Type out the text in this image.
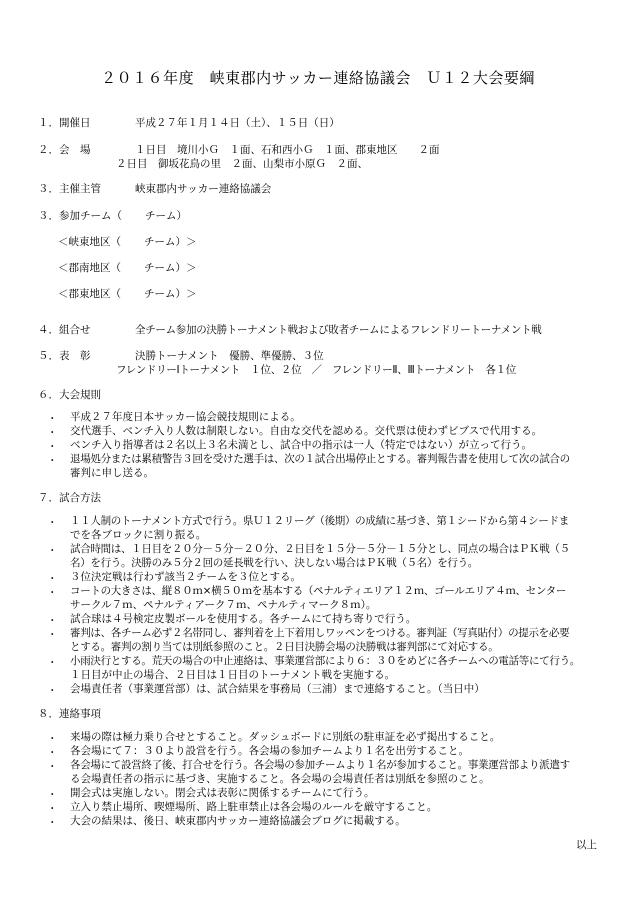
２０１６年度　峡東郡内サッカー連絡協議会　Ｕ１２大会要綱
１．開催日	平成２７年１月１４日（土）、１５日（日）
２．会　場	１日目　境川小Ｇ　１面、石和西小Ｇ　１面、郡東地区　　２面
２日目　御坂花鳥の里　２面、山梨市小原Ｇ　２面、
３．主催主管	峡東郡内サッカー連絡協議会
３．参加チーム（ チーム）
＜峡東地区（ チーム）＞
＜郡南地区（ チーム）＞
＜郡東地区（ チーム）＞
４．組合せ	全チーム参加の決勝トーナメント戦および敗者チームによるフレンドリートーナメント戦
５．表　彰	決勝トーナメント　優勝、準優勝、３位
フレンドリーⅠトーナメント　１位、２位　／　フレンドリーⅡ、Ⅲトーナメント　各１位
６．大会規則
・ 平成２７年度日本サッカー協会競技規則による。
・ 交代選手、ベンチ入り人数は制限しない。自由な交代を認める。交代票は使わずビブスで代用する。
・ ベンチ入り指導者は２名以上３名未満とし、試合中の指示は一人（特定ではない）が立って行う。
・ 退場処分または累積警告３回を受けた選手は、次の１試合出場停止とする。審判報告書を使用して次の試合の
審判に申し送る。
７．試合方法
・ １１人制のトーナメント方式で行う。県Ｕ１２リーグ（後期）の成績に基づき、第１シードから第４シードま
でを各ブロックに割り振る。
・ 試合時間は、１日目を２０分－５分－２０分、２日目を１５分－５分－１５分とし、同点の場合はＰＫ戦（５
名）を行う。決勝のみ５分２回の延長戦を行い、決しない場合はＰＫ戦（５名）を行う。
・ ３位決定戦は行わず該当２チームを３位とする。
・ コートの大きさは、縦８０ｍ×横５０ｍを基本する（ペナルティエリア１２ｍ、ゴールエリア４ｍ、センター
サークル７ｍ、ペナルティアーク７ｍ、ペナルティマーク８ｍ）。
・ 試合球は４号検定皮製ボールを使用する。各チームにて持ち寄りで行う。
・ 審判は、各チーム必ず２名帯同し、審判着を上下着用しワッペンをつける。審判証（写真貼付）の提示を必要
とする。審判の割り当ては別紙参照のこと。２日目決勝会場の決勝戦は審判部にて対応する。
・ 小雨決行とする。荒天の場合の中止連絡は、事業運営部により６：３０をめどに各チームへの電話等にて行う。
１日目が中止の場合、２日目は１日目のトーナメント戦を実施する。
・ 会場責任者（事業運営部）は、試合結果を事務局（三浦）まで連絡すること。（当日中）
８．連絡事項
・ 来場の際は極力乗り合せとすること。ダッシュボードに別紙の駐車証を必ず掲出すること。
・ 各会場にて７：３０より設営を行う。各会場の参加チームより１名を出労すること。
・ 各会場にて設営終了後、打合せを行う。各会場の参加チームより１名が参加すること。事業運営部より派遣す
る会場責任者の指示に基づき、実施すること。各会場の会場責任者は別紙を参照のこと。
・ 開会式は実施しない。閉会式は表彰に関係するチームにて行う。
・ 立入り禁止場所、喫煙場所、路上駐車禁止は各会場のルールを厳守すること。
・ 大会の結果は、後日、峡東郡内サッカー連絡協議会ブログに掲載する。
以上
